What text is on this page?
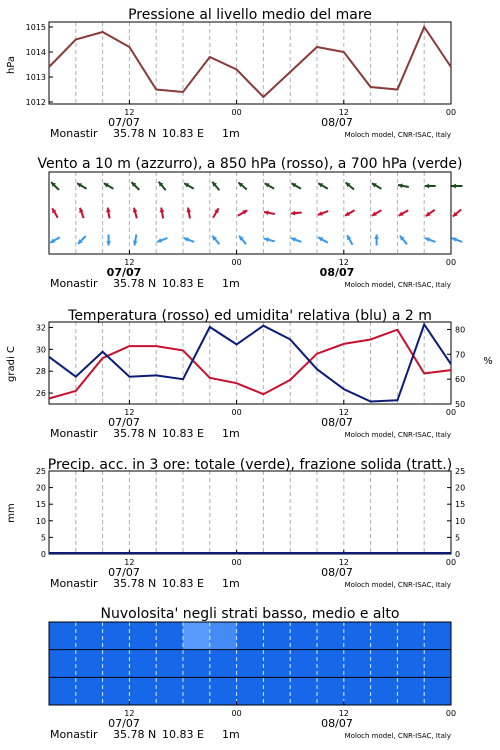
Pressione al livello medio del mare
hPa
12	00	12	00
07/07	08/07
Monastir 35.78 N 10.83 E 1m	Moloch model, CNR-ISAC, Italy
1012
1013
1014
1015
Vento a 10 m (azzurro), a 850 hPa (rosso), a 700 hPa (verde)
12	00	12	00
07/07	08/07
Monastir 35.78 N 10.83 E 1m	Moloch model, CNR-ISAC, Italy
Temperatura (rosso) ed umidita' relativa (blu) a 2 m
gradi C	%
12	00	12	00
07/07	08/07
Monastir 35.78 N 10.83 E 1m	Moloch model, CNR-ISAC, Italy
26
28
30
32
50
60
70
80
Precip. acc. in 3 ore: totale (verde), frazione solida (tratt.)
mm
12	00	12	00
07/07	08/07
Monastir 35.78 N 10.83 E 1m	Moloch model, CNR-ISAC, Italy
0
5
10
15
20
25
0
5
10
15
20
25
Nuvolosita' negli strati basso, medio e alto
12	00	12	00
07/07	08/07
Monastir 35.78 N 10.83 E 1m	Moloch model, CNR-ISAC, Italy
